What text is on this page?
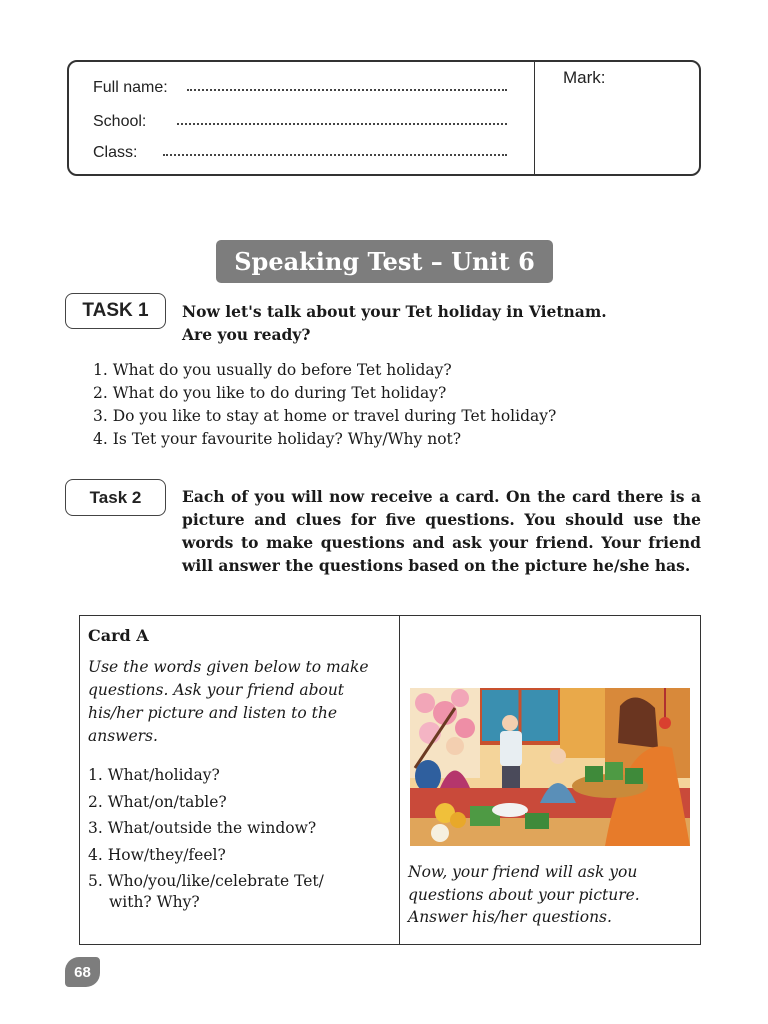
Full name:
School:
Class:
Mark:
Speaking Test – Unit 6
TASK 1	Now let's talk about your Tet holiday in Vietnam.
Are you ready?
1. What do you usually do before Tet holiday?
2. What do you like to do during Tet holiday?
3. Do you like to stay at home or travel during Tet holiday?
4. Is Tet your favourite holiday? Why/Why not?
Task 2	Each of you will now receive a card. On the card there is a picture and clues for five questions. You should use the words to make questions and ask your friend. Your friend will answer the questions based on the picture he/she has.

Card A

Use the words given below to make questions. Ask your friend about his/her picture and listen to the answers.

1. What/holiday?
2. What/on/table?
3. What/outside the window?
4. How/they/feel?
5. Who/you/like/celebrate Tet/
with? Why?

Now, your friend will ask you questions about your picture. Answer his/her questions.

68
